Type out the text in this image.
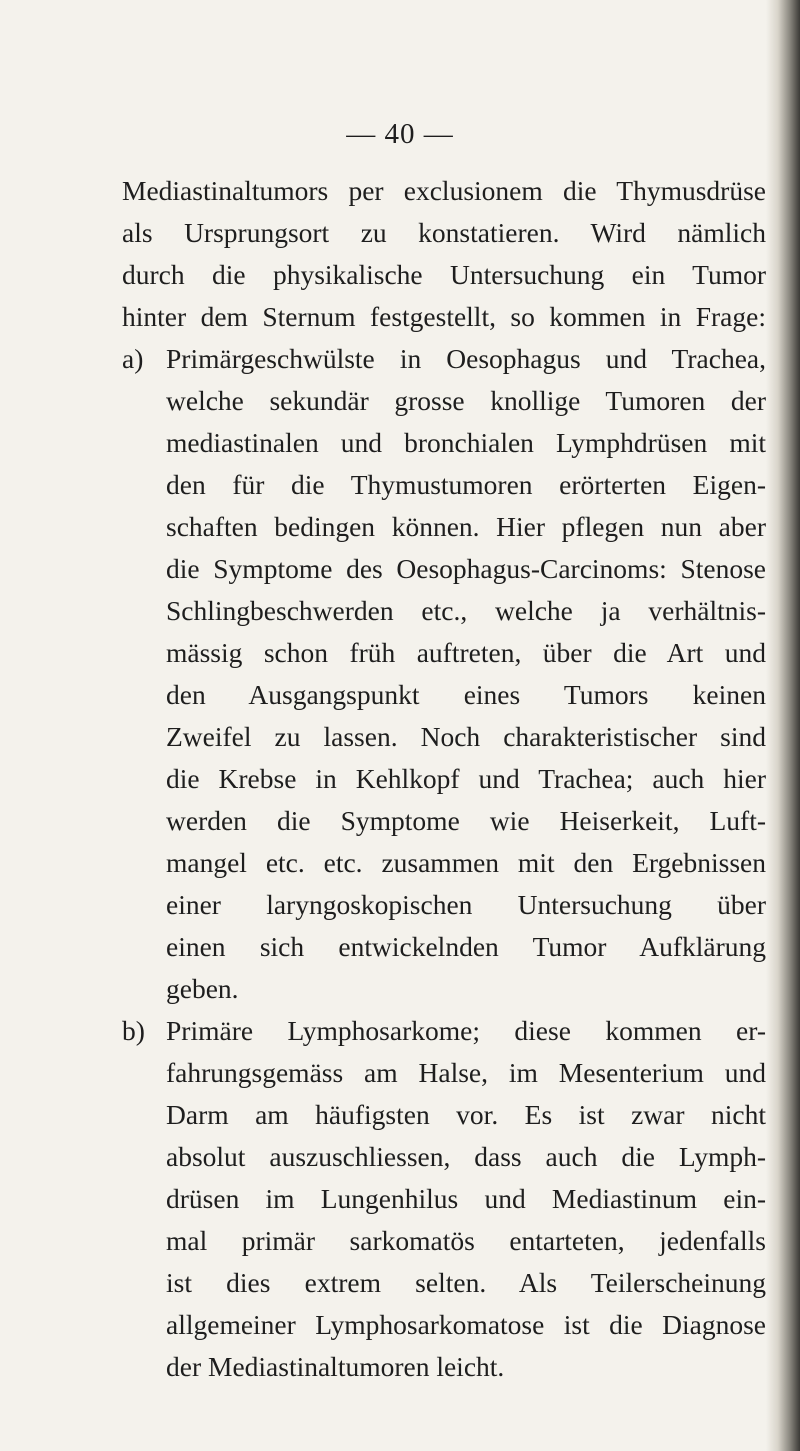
— 40 —
Mediastinaltumors per exclusionem die Thymusdrüse
als Ursprungsort zu konstatieren. Wird nämlich
durch die physikalische Untersuchung ein Tumor
hinter dem Sternum festgestellt, so kommen in Frage:
a) Primärgeschwülste in Oesophagus und Trachea,
welche sekundär grosse knollige Tumoren der
mediastinalen und bronchialen Lymphdrüsen mit
den für die Thymustumoren erörterten Eigen-
schaften bedingen können. Hier pflegen nun aber
die Symptome des Oesophagus-Carcinoms: Stenose
Schlingbeschwerden etc., welche ja verhältnis-
mässig schon früh auftreten, über die Art und
den Ausgangspunkt eines Tumors keinen
Zweifel zu lassen. Noch charakteristischer sind
die Krebse in Kehlkopf und Trachea; auch hier
werden die Symptome wie Heiserkeit, Luft-
mangel etc. etc. zusammen mit den Ergebnissen
einer laryngoskopischen Untersuchung über
einen sich entwickelnden Tumor Aufklärung
geben.
b) Primäre Lymphosarkome; diese kommen er-
fahrungsgemäss am Halse, im Mesenterium und
Darm am häufigsten vor. Es ist zwar nicht
absolut auszuschliessen, dass auch die Lymph-
drüsen im Lungenhilus und Mediastinum ein-
mal primär sarkomatös entarteten, jedenfalls
ist dies extrem selten. Als Teilerscheinung
allgemeiner Lymphosarkomatose ist die Diagnose
der Mediastinaltumoren leicht.
